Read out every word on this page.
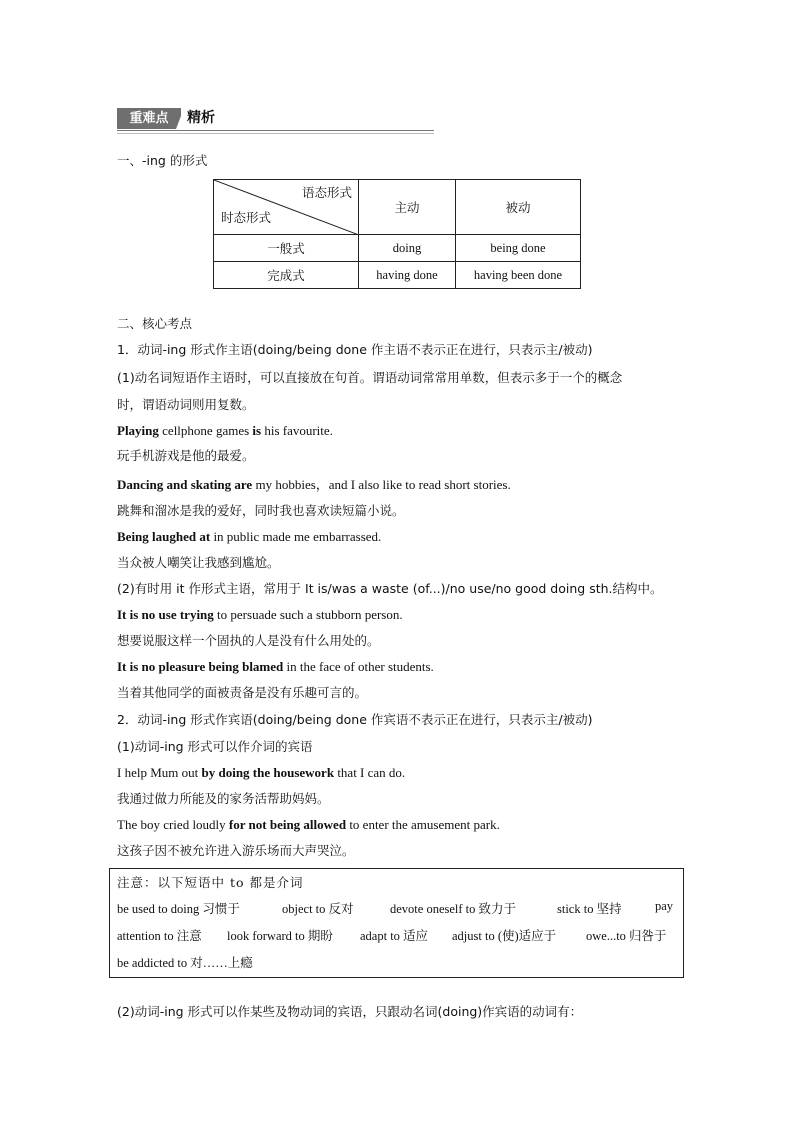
重难点	精析
一、-ing 的形式
语态形式
时态形式	主动	被动
一般式	doing	being done
完成式	having done	having been done
二、核心考点
1．动词-ing 形式作主语(doing/being done 作主语不表示正在进行，只表示主/被动)
(1)动名词短语作主语时，可以直接放在句首。谓语动词常常用单数，但表示多于一个的概念
时，谓语动词则用复数。
Playing cellphone games is his favourite.
玩手机游戏是他的最爱。
Dancing and skating are my hobbies，and I also like to read short stories.
跳舞和溜冰是我的爱好，同时我也喜欢读短篇小说。
Being laughed at in public made me embarrassed.
当众被人嘲笑让我感到尴尬。
(2)有时用 it 作形式主语，常用于 It is/was a waste (of...)/no use/no good doing sth.结构中。
It is no use trying to persuade such a stubborn person.
想要说服这样一个固执的人是没有什么用处的。
It is no pleasure being blamed in the face of other students.
当着其他同学的面被责备是没有乐趣可言的。
2．动词-ing 形式作宾语(doing/being done 作宾语不表示正在进行，只表示主/被动)
(1)动词-ing 形式可以作介词的宾语
I help Mum out by doing the housework that I can do.
我通过做力所能及的家务活帮助妈妈。
The boy cried loudly for not being allowed to enter the amusement park.
这孩子因不被允许进入游乐场而大声哭泣。
注意：以下短语中 to 都是介词
be used to doing 习惯于	object to 反对	devote oneself to 致力于	stick to 坚持	pay
attention to 注意 look forward to 期盼 adapt to 适应 adjust to (使)适应于 owe...to 归咎于
be addicted to 对……上瘾
(2)动词-ing 形式可以作某些及物动词的宾语，只跟动名词(doing)作宾语的动词有：
